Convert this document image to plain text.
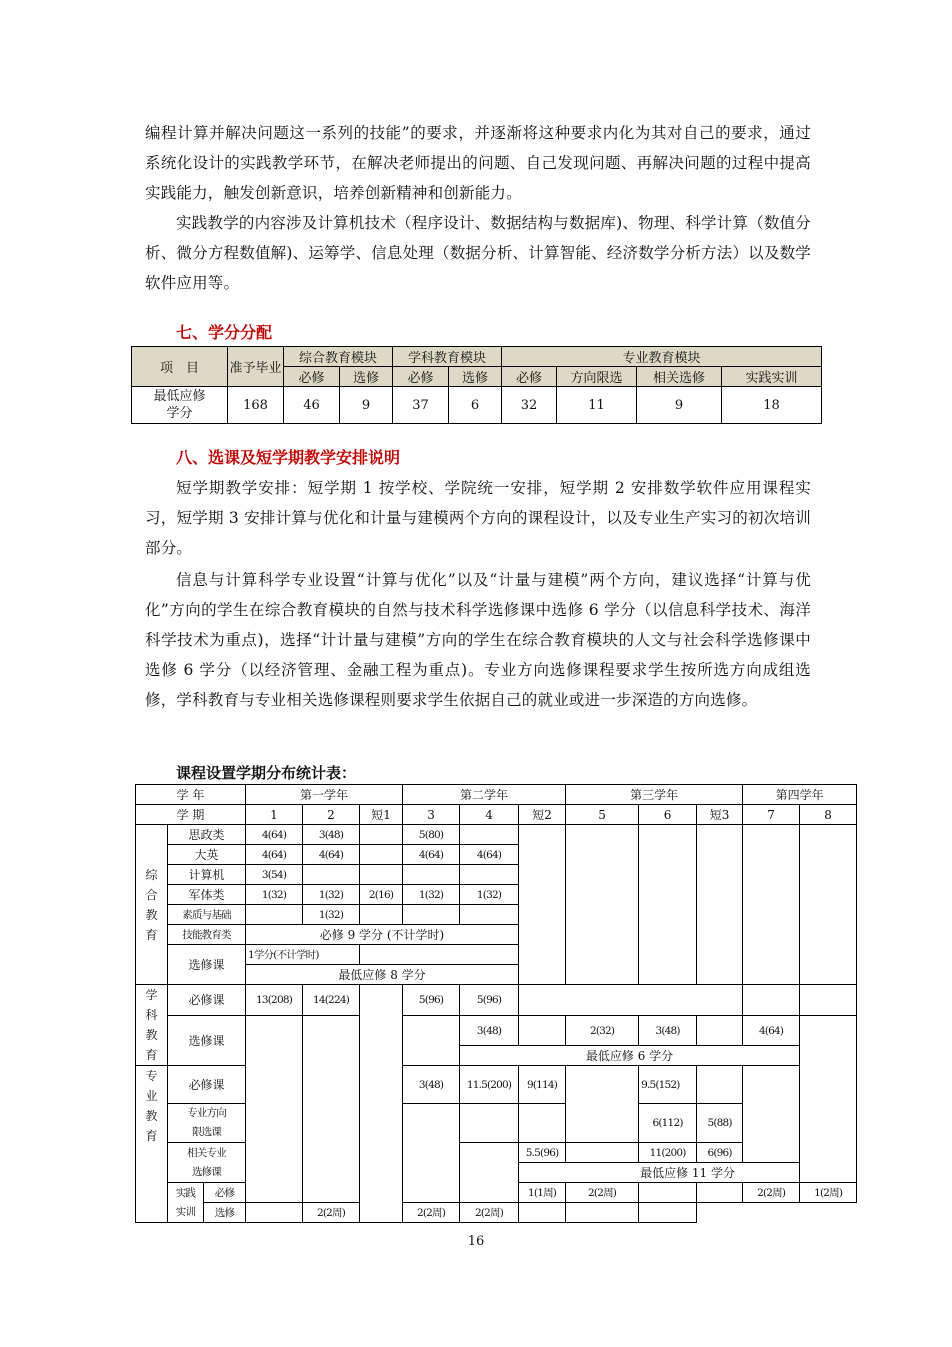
编程计算并解决问题这一系列的技能”的要求，并逐渐将这种要求内化为其对自己的要求，通过系统化设计的实践教学环节，在解决老师提出的问题、自己发现问题、再解决问题的过程中提高实践能力，触发创新意识，培养创新精神和创新能力。

实践教学的内容涉及计算机技术（程序设计、数据结构与数据库)、物理、科学计算（数值分析、微分方程数值解)、运筹学、信息处理（数据分析、计算智能、经济数学分析方法）以及数学软件应用等。

七、学分分配

项　目	准予毕业	综合教育模块		学科教育模块		专业教育模块			
		必修	选修	必修	选修	必修	方向限选	相关选修	实践实训
最低应修学分	168	46	9	37	6	32	11	9	18

八、选课及短学期教学安排说明

短学期教学安排：短学期 1 按学校、学院统一安排，短学期 2 安排数学软件应用课程实习，短学期 3 安排计算与优化和计量与建模两个方向的课程设计，以及专业生产实习的初次培训部分。

信息与计算科学专业设置“计算与优化”以及“计量与建模”两个方向，建议选择“计算与优化”方向的学生在综合教育模块的自然与技术科学选修课中选修 6 学分（以信息科学技术、海洋科学技术为重点)，选择“计计量与建模”方向的学生在综合教育模块的人文与社会科学选修课中选修 6 学分（以经济管理、金融工程为重点)。专业方向选修课程要求学生按所选方向成组选修，学科教育与专业相关选修课程则要求学生依据自己的就业或进一步深造的方向选修。

课程设置学期分布统计表：

学 年			第一学年			第二学年			第三学年			第四学年		
学 期			1	2	短1	3	4	短2	5	6	短3	7	8	

综
合
教
育	思政类		4(64)	3(48)		5(80)								
	大英		4(64)	4(64)		4(64)	4(64)							
	计算机		3(54)											
	军体类		1(32)	1(32)	2(16)	1(32)	1(32)							
	素质与基础			1(32)										
	技能教育类		必修 9 学分 (不计学时)											
	选修课		1学分(不计学时)											
			最低应修 8 学分											

学
科
教
育	必修课		13(208)	14(224)		5(96)	5(96)							
	选修课						3(48)		2(32)	3(48)		4(64)		
							最低应修 6 学分							

专
业
教
育	必修课					3(48)	11.5(200)	9(114)		9.5(152)				
	专业方向限选课									6(112)	5(88)			
	相关专业选修课							5.5(96)		11(200)	6(96)	
								最低应修 11 学分						
	实践实训	必修						1(1周)	2(2周)			2(2周)	1(2周)	
		选修		2(2周)		2(2周)	2(2周)							

16
